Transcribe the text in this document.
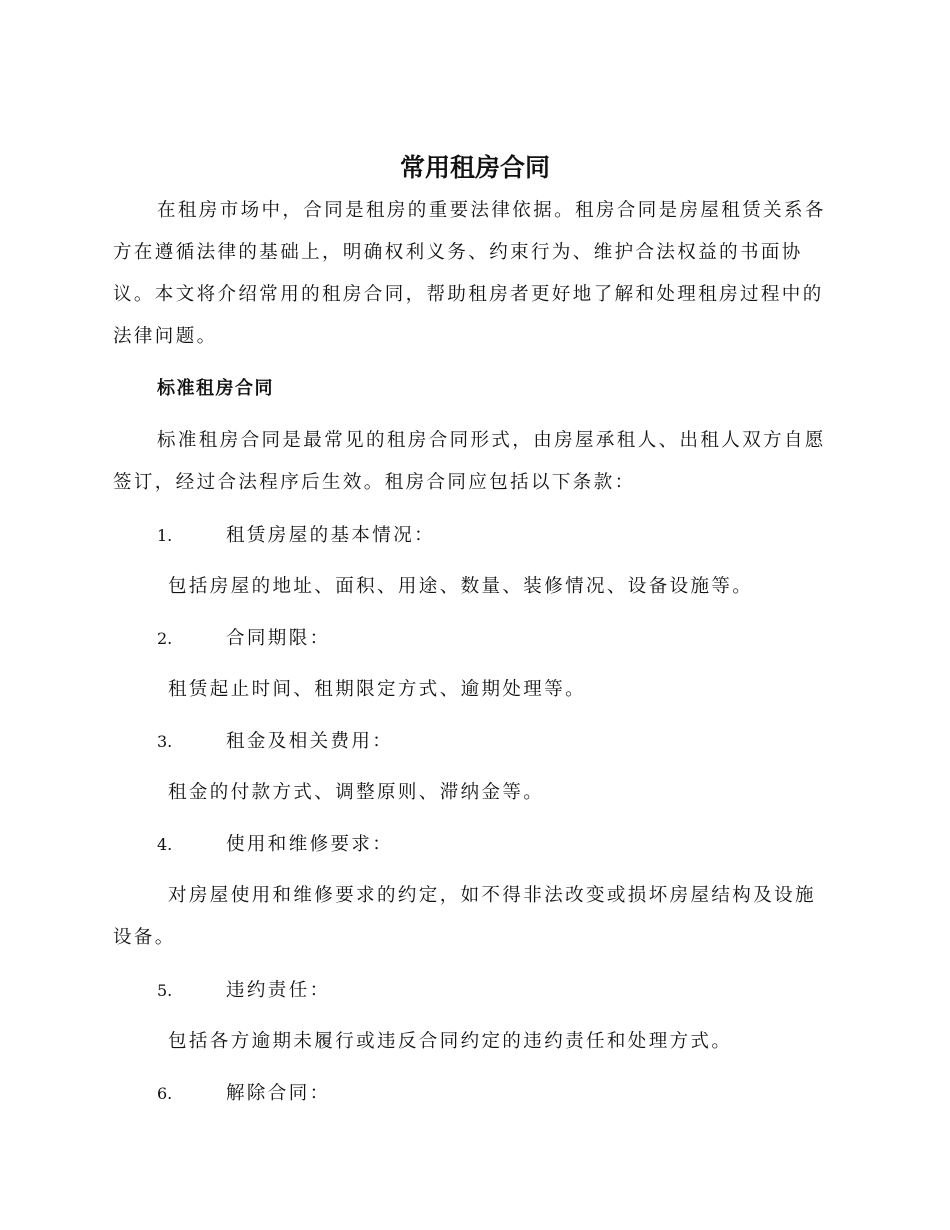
常用租房合同

在租房市场中，合同是租房的重要法律依据。租房合同是房屋租赁关系各方在遵循法律的基础上，明确权利义务、约束行为、维护合法权益的书面协议。本文将介绍常用的租房合同，帮助租房者更好地了解和处理租房过程中的法律问题。

标准租房合同

标准租房合同是最常见的租房合同形式，由房屋承租人、出租人双方自愿签订，经过合法程序后生效。租房合同应包括以下条款：

1.	租赁房屋的基本情况：

包括房屋的地址、面积、用途、数量、装修情况、设备设施等。

2.	合同期限：

租赁起止时间、租期限定方式、逾期处理等。

3.	租金及相关费用：

租金的付款方式、调整原则、滞纳金等。

4.	使用和维修要求：

对房屋使用和维修要求的约定，如不得非法改变或损坏房屋结构及设施设备。

5.	违约责任：

包括各方逾期未履行或违反合同约定的违约责任和处理方式。

6.	解除合同：
